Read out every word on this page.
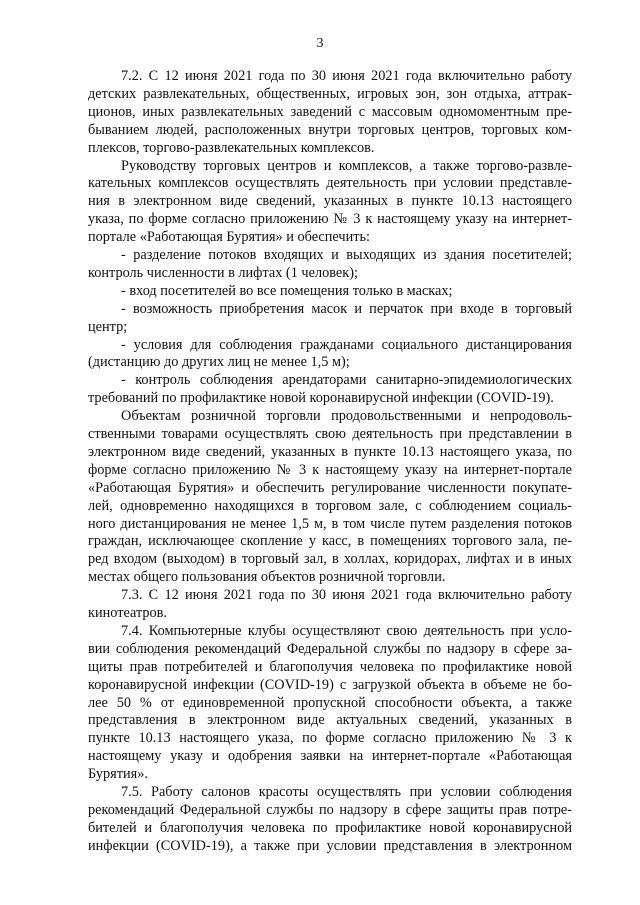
3
7.2. С 12 июня 2021 года по 30 июня 2021 года включительно работу
детских развлекательных, общественных, игровых зон, зон отдыха, аттрак-
ционов, иных развлекательных заведений с массовым одномоментным пре-
быванием людей, расположенных внутри торговых центров, торговых ком-
плексов, торгово-развлекательных комплексов.
Руководству торговых центров и комплексов, а также торгово-развле-
кательных комплексов осуществлять деятельность при условии представле-
ния в электронном виде сведений, указанных в пункте 10.13 настоящего
указа, по форме согласно приложению № 3 к настоящему указу на интернет-
портале «Работающая Бурятия» и обеспечить:
- разделение потоков входящих и выходящих из здания посетителей;
контроль численности в лифтах (1 человек);
- вход посетителей во все помещения только в масках;
- возможность приобретения масок и перчаток при входе в торговый
центр;
- условия для соблюдения гражданами социального дистанцирования
(дистанцию до других лиц не менее 1,5 м);
- контроль соблюдения арендаторами санитарно-эпидемиологических
требований по профилактике новой коронавирусной инфекции (COVID-19).
Объектам розничной торговли продовольственными и непродоволь-
ственными товарами осуществлять свою деятельность при представлении в
электронном виде сведений, указанных в пункте 10.13 настоящего указа, по
форме согласно приложению № 3 к настоящему указу на интернет-портале
«Работающая Бурятия» и обеспечить регулирование численности покупате-
лей, одновременно находящихся в торговом зале, с соблюдением социаль-
ного дистанцирования не менее 1,5 м, в том числе путем разделения потоков
граждан, исключающее скопление у касс, в помещениях торгового зала, пе-
ред входом (выходом) в торговый зал, в холлах, коридорах, лифтах и в иных
местах общего пользования объектов розничной торговли.
7.3. С 12 июня 2021 года по 30 июня 2021 года включительно работу
кинотеатров.
7.4. Компьютерные клубы осуществляют свою деятельность при усло-
вии соблюдения рекомендаций Федеральной службы по надзору в сфере за-
щиты прав потребителей и благополучия человека по профилактике новой
коронавирусной инфекции (COVID-19) с загрузкой объекта в объеме не бо-
лее 50 % от единовременной пропускной способности объекта, а также
представления в электронном виде актуальных сведений, указанных в
пункте 10.13 настоящего указа, по форме согласно приложению № 3 к
настоящему указу и одобрения заявки на интернет-портале «Работающая
Бурятия».
7.5. Работу салонов красоты осуществлять при условии соблюдения
рекомендаций Федеральной службы по надзору в сфере защиты прав потре-
бителей и благополучия человека по профилактике новой коронавирусной
инфекции (COVID-19), а также при условии представления в электронном
